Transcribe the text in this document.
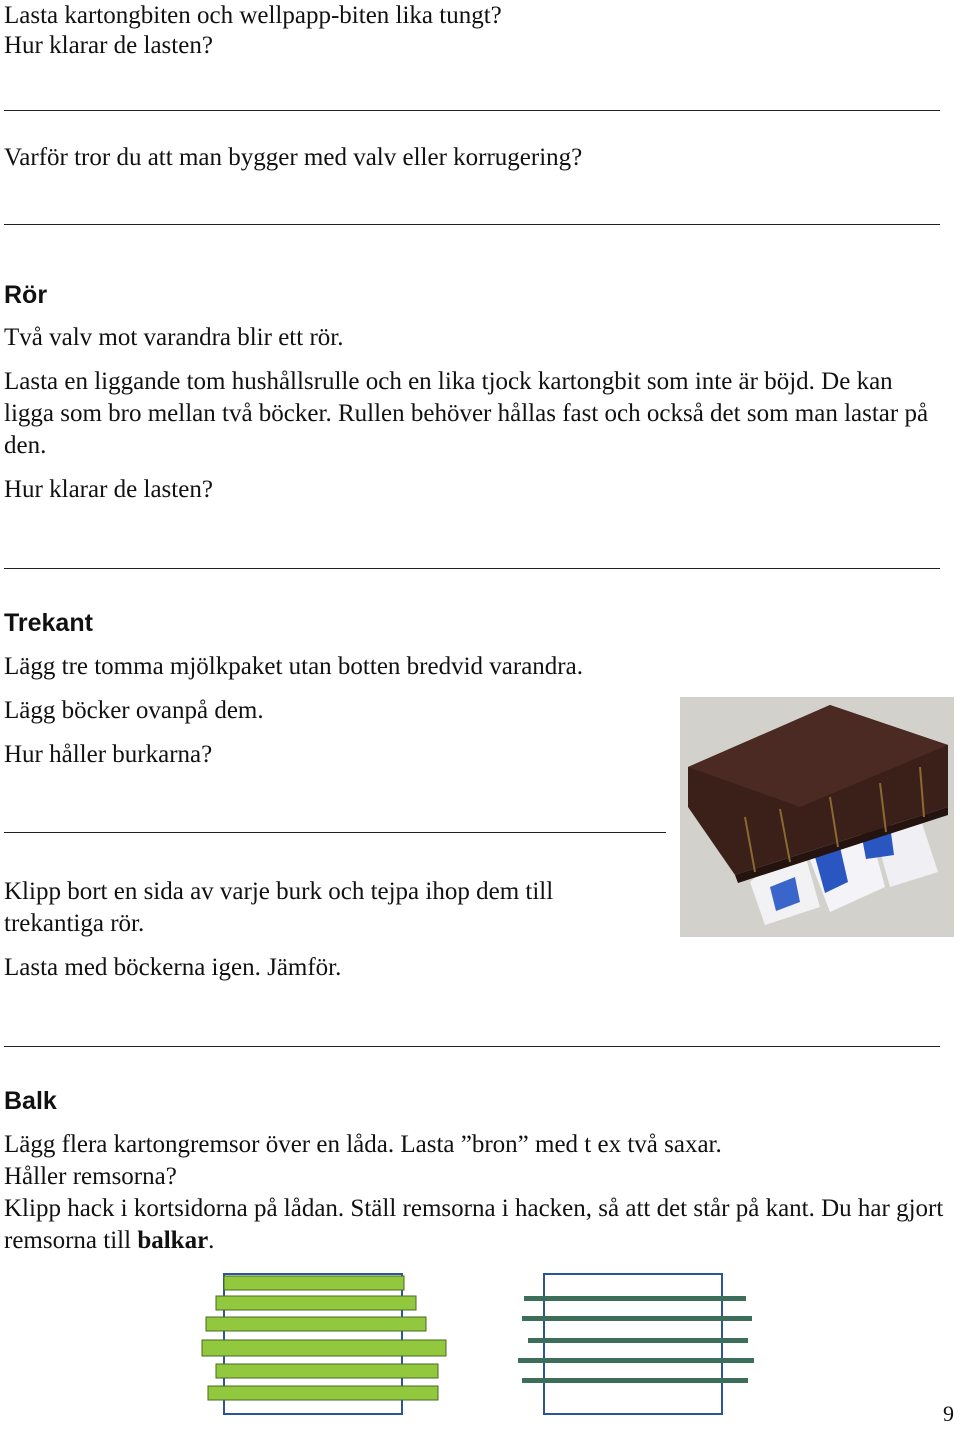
Lasta kartongbiten och wellpapp-biten lika tungt?
Hur klarar de lasten?
Varför tror du att man bygger med valv eller korrugering?
Rör
Två valv mot varandra blir ett rör.
Lasta en liggande tom hushållsrulle och en lika tjock kartongbit som inte är böjd. De kan ligga som bro mellan två böcker. Rullen behöver hållas fast och också det som man lastar på den.
Hur klarar de lasten?
Trekant
Lägg tre tomma mjölkpaket utan botten bredvid varandra.
Lägg böcker ovanpå dem.
Hur håller burkarna?
Klipp bort en sida av varje burk och tejpa ihop dem till trekantiga rör.
Lasta med böckerna igen. Jämför.
Balk
Lägg flera kartongremsor över en låda. Lasta ”bron” med t ex två saxar.
Håller remsorna?
Klipp hack i kortsidorna på lådan. Ställ remsorna i hacken, så att det står på kant. Du har gjort remsorna till balkar.
9
